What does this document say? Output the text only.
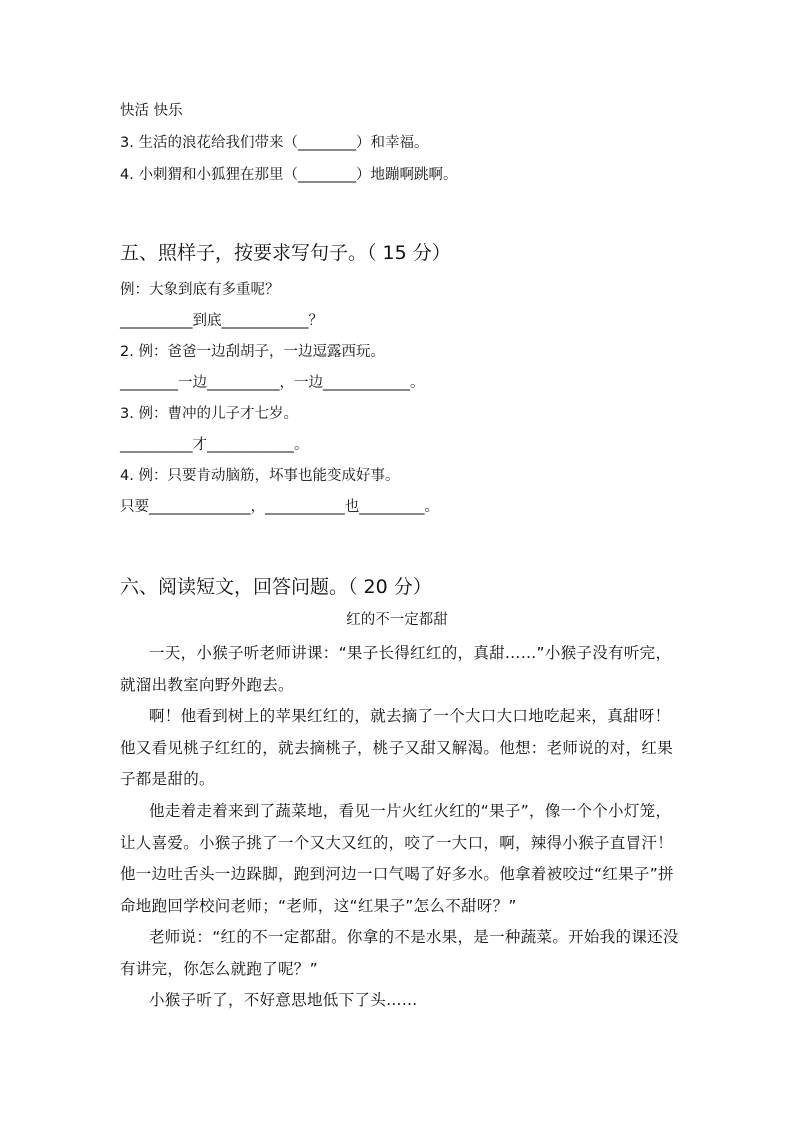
快活 快乐
3. 生活的浪花给我们带来（________）和幸福。
4. 小刺猬和小狐狸在那里（________）地蹦啊跳啊。
五、照样子，按要求写句子。（ 15 分）
例：大象到底有多重呢？
__________到底____________？
2. 例：爸爸一边刮胡子，一边逗露西玩。
________一边__________，一边____________。
3. 例：曹冲的儿子才七岁。
__________才____________。
4. 例：只要肯动脑筋，坏事也能变成好事。
只要______________，___________也_________。
六、阅读短文，回答问题。（ 20 分）
红的不一定都甜
一天，小猴子听老师讲课：“果子长得红红的，真甜……”小猴子没有听完，就溜出教室向野外跑去。
啊！他看到树上的苹果红红的，就去摘了一个大口大口地吃起来，真甜呀！他又看见桃子红红的，就去摘桃子，桃子又甜又解渴。他想：老师说的对，红果子都是甜的。
他走着走着来到了蔬菜地，看见一片火红火红的“果子”，像一个个小灯笼，让人喜爱。小猴子挑了一个又大又红的，咬了一大口，啊，辣得小猴子直冒汗！他一边吐舌头一边跺脚，跑到河边一口气喝了好多水。他拿着被咬过“红果子”拼命地跑回学校问老师；“老师，这“红果子”怎么不甜呀？”
老师说：“红的不一定都甜。你拿的不是水果，是一种蔬菜。开始我的课还没有讲完，你怎么就跑了呢？”
小猴子听了，不好意思地低下了头……
